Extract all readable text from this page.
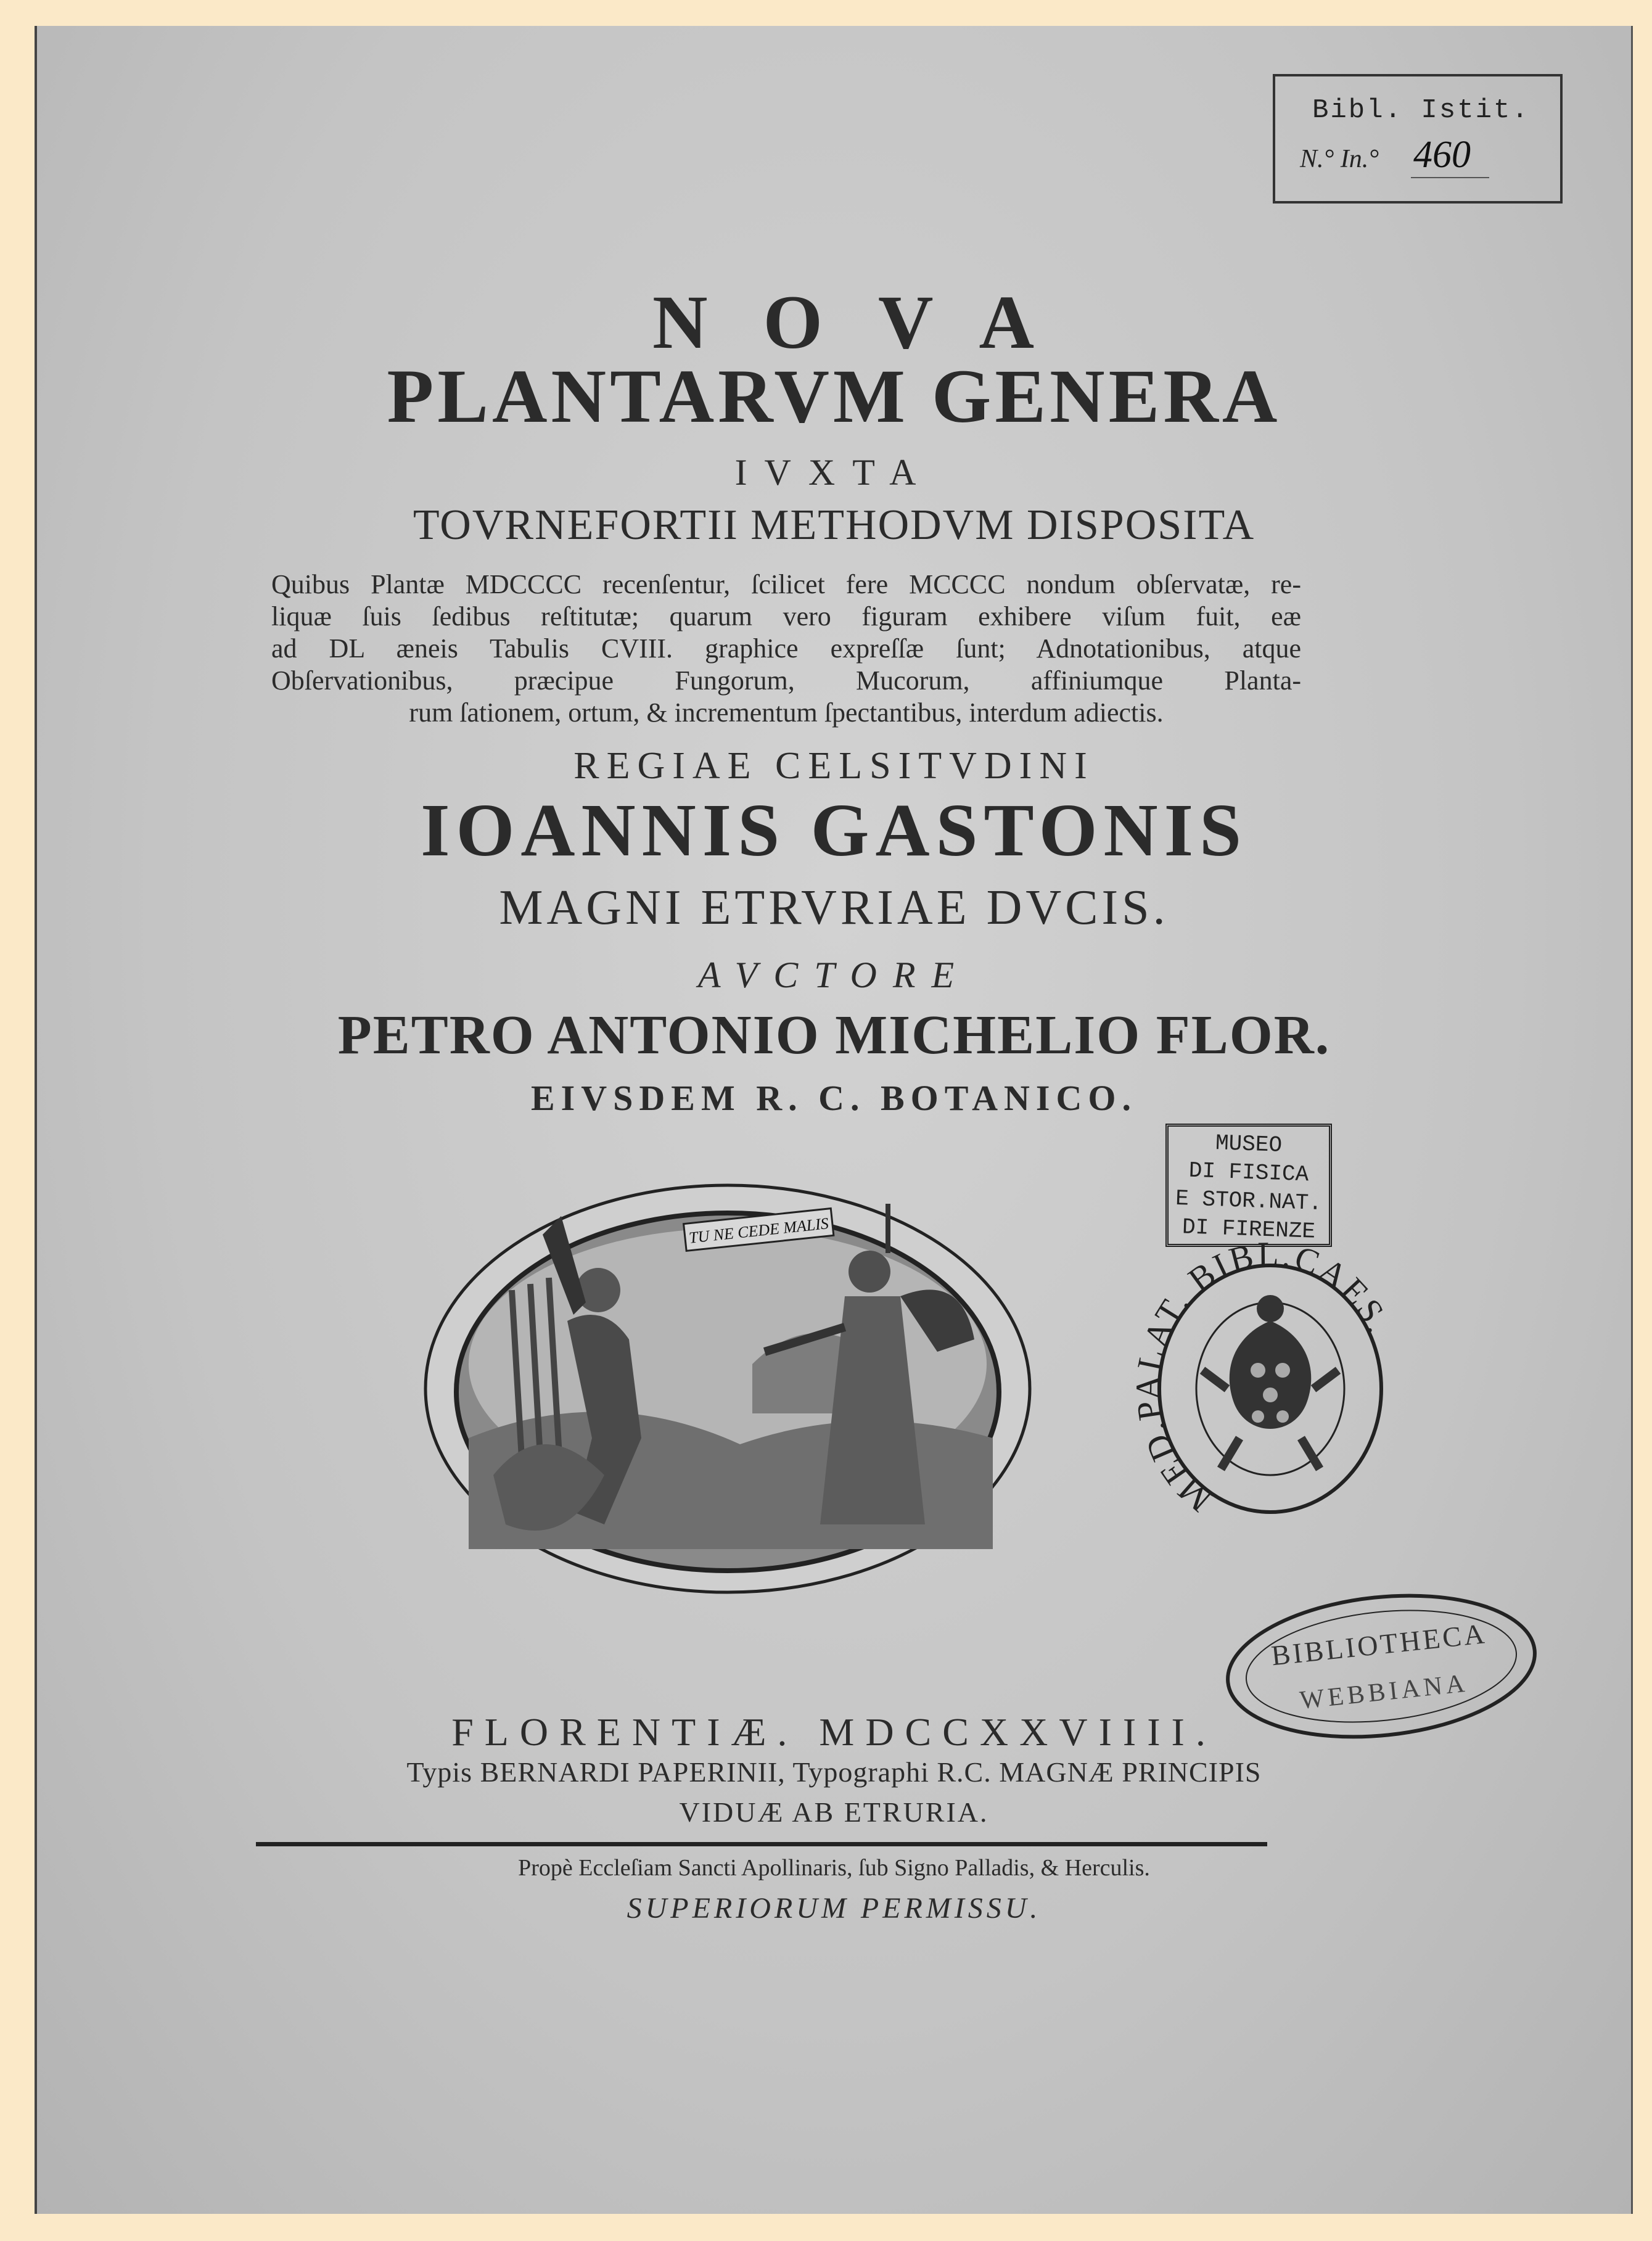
Bibl. Istit.
N.° In.° 460
NOVA
PLANTARVM GENERA
IVXTA
TOVRNEFORTII METHODVM DISPOSITA
Quibus Plantæ MDCCCC recenſentur, ſcilicet fere MCCCC nondum obſervatæ, re-
liquæ ſuis ſedibus reſtitutæ; quarum vero figuram exhibere viſum fuit, eæ
ad DL æneis Tabulis CVIII. graphice expreſſæ ſunt; Adnotationibus, atque
Obſervationibus, præcipue Fungorum, Mucorum, affiniumque Planta-
rum ſationem, ortum, & incrementum ſpectantibus, interdum adiectis.
REGIAE CELSITVDINI
IOANNIS GASTONIS
MAGNI ETRVRIAE DVCIS.
AVCTORE
PETRO ANTONIO MICHELIO FLOR.
EIVSDEM R. C. BOTANICO.
TU NE CEDE MALIS
MUSEO
DI FISICA
E STOR.NAT.
DI FIRENZE
MED.PALAT. BIBL.CAES.
BIBLIOTHECA
WEBBIANA
FLORENTIÆ. MDCCXXVIIII.
Typis BERNARDI PAPERINII, Typographi R.C. MAGNÆ PRINCIPIS
VIDUÆ AB ETRURIA.
Propè Eccleſiam Sancti Apollinaris, ſub Signo Palladis, & Herculis.
SUPERIORUM PERMISSU.
